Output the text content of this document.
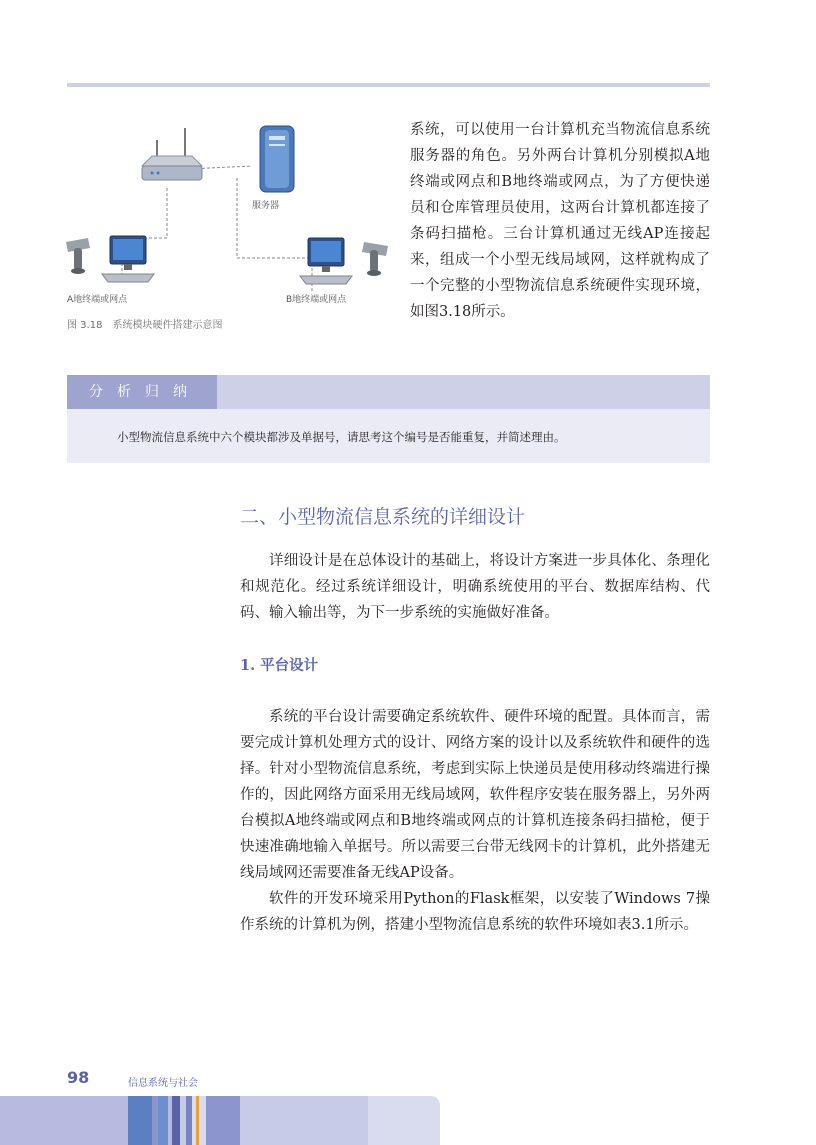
服务器
A地终端或网点	B地终端或网点
图 3.18　系统模块硬件搭建示意图
系统，可以使用一台计算机充当物流信息系统服务器的角色。另外两台计算机分别模拟A地终端或网点和B地终端或网点，为了方便快递员和仓库管理员使用，这两台计算机都连接了条码扫描枪。三台计算机通过无线AP连接起来，组成一个小型无线局域网，这样就构成了一个完整的小型物流信息系统硬件实现环境，如图3.18所示。
分析归纳
小型物流信息系统中六个模块都涉及单据号，请思考这个编号是否能重复，并简述理由。
二、小型物流信息系统的详细设计

详细设计是在总体设计的基础上，将设计方案进一步具体化、条理化和规范化。经过系统详细设计，明确系统使用的平台、数据库结构、代码、输入输出等，为下一步系统的实施做好准备。

1. 平台设计

系统的平台设计需要确定系统软件、硬件环境的配置。具体而言，需要完成计算机处理方式的设计、网络方案的设计以及系统软件和硬件的选择。针对小型物流信息系统，考虑到实际上快递员是使用移动终端进行操作的，因此网络方面采用无线局域网，软件程序安装在服务器上，另外两台模拟A地终端或网点和B地终端或网点的计算机连接条码扫描枪，便于快速准确地输入单据号。所以需要三台带无线网卡的计算机，此外搭建无线局域网还需要准备无线AP设备。

软件的开发环境采用Python的Flask框架，以安装了Windows 7操作系统的计算机为例，搭建小型物流信息系统的软件环境如表3.1所示。

98	信息系统与社会
